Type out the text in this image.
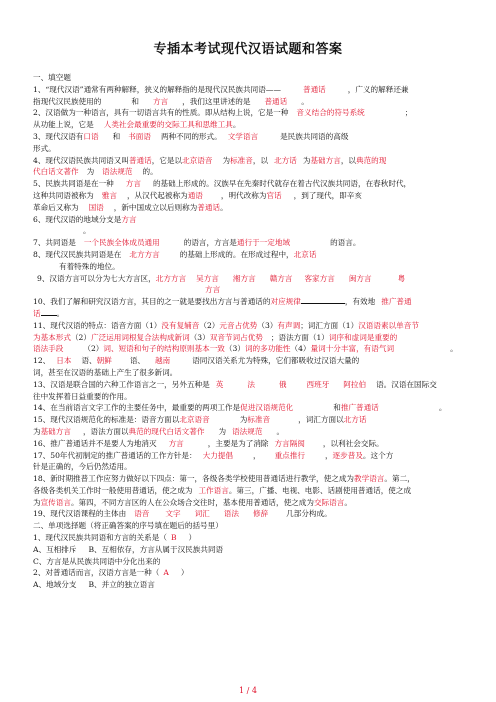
专插本考试现代汉语试题和答案
一、填空题
1、“现代汉语”通常有两种解释，狭义的解释指的是现代汉民族共同语——	普通话	，广义的解释还兼
指现代汉民族使用的	和 方言 ，我们这里讲述的是 普通话 。
2、汉语做为一种语言，具有一切语言共有的性质。即从结构上说，它是一种 音义结合的符号系统	；
从功能上说，它是 人类社会最重要的交际工具和思维工具。
3、现代汉语有口语 和 书面语 两种不同的形式。 文学语言	是民族共同语的高级
形式。
4、现代汉语民族共同语又叫普通话，它是以北京语音 为标准音，以 北方话 为基础方言，以典范的现
代白话文著作 为 语法规范 的。
5、民族共同语是在一种 方言 的基础上形成的。汉族早在先秦时代就存在着古代汉族共同语，在春秋时代，
这种共同语被称为 雅言 ，从汉代起被称为通语 ，明代改称为官话 ，到了现代，即辛亥
革命后又称为 国语 ，新中国成立以后则称为普通话。
6、现代汉语的地域分支是方言
。
7、共同语是 一个民族全体成员通用	的语言，方言是通行于一定地域	的语言。
8、现代汉民族共同语是在 北方方言	的基础上形成的。在形成过程中，北京话
有着特殊的地位。
9、汉语方言可以分为七大方言区，北方方言 吴方言 湘方言 赣方言 客家方言 闽方言	粤
方言
10、我们了解和研究汉语方言，其目的之一就是要找出方言与普通话的对应规律	，有效地 推广普通
话 。
11、现代汉语的特点：语音方面（1）没有复辅音（2）元音占优势（3）有声调；词汇方面（1）汉语语素以单音节
为基本形式（2）广泛运用词根复合法构成新词（3）双音节词占优势 ；语法方面（1）词序和虚词是重要的
语法手段	（2）词、短语和句子的结构原则基本一致（3）词的多功能性（4）量词十分丰富，有语气词	。
12、 日本 语、朝鲜 语、 越南	语同汉语关系尤为特殊，它们都吸收过汉语大量的
词，甚至在汉语的基础上产生了很多新词。
13、汉语是联合国的六种工作语言之一，另外五种是 英	法	俄	西班牙 阿拉伯 语。汉语在国际交
往中发挥着日益重要的作用。
14、在当前语言文字工作的主要任务中，最重要的两项工作是促进汉语规范化	和推广普通话	。
15、现代汉语规范化的标准是：语音方面以北京语音	为标准音	，词汇方面以北方话
为基础方言 ，语法方面以典范的现代白话文著作 为 语法规范 。
16、推广普通话并不是要人为地消灭 方言	，主要是为了消除 方言隔阂 ，以利社会交际。
17、50年代初制定的推广普通话的工作方针是： 大力提倡	， 重点推行	，逐步普及。这个方
针是正确的，今后仍然适用。
18、新时期推普工作应努力做好以下四点：第一，各级各类学校使用普通话进行教学，使之成为教学语言。第二，
各级各类机关工作时一般使用普通话，使之成为 工作语言。第三，广播、电视、电影、话剧使用普通话，使之成
为宣传语言。第四，不同方言区的人在公众场合交往时，基本使用普通话，使之成为交际语言。
19、现代汉语课程的主体由 语音 文字 词汇 语法 修辞 几部分构成。
二、单项选择题（将正确答案的序号填在题后的括号里）
1、现代汉民族共同语和方言的关系是（ B ）
A、互相排斥 B、互相依存，方言从属于汉民族共同语
C、方言是从民族共同语中分化出来的
2、对普通话而言，汉语方言是一种（ A ）
A、地域分支 B、并立的独立语言
1 / 4
